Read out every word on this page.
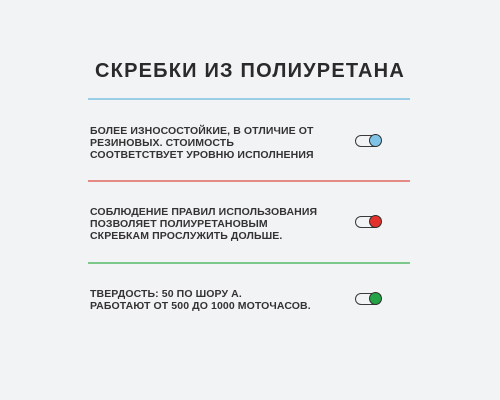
СКРЕБКИ ИЗ ПОЛИУРЕТАНА

БОЛЕЕ ИЗНОСОСТОЙКИЕ, В ОТЛИЧИЕ ОТ

РЕЗИНОВЫХ. СТОИМОСТЬ

СООТВЕТСТВУЕТ УРОВНЮ ИСПОЛНЕНИЯ

СОБЛЮДЕНИЕ ПРАВИЛ ИСПОЛЬЗОВАНИЯ

ПОЗВОЛЯЕТ ПОЛИУРЕТАНОВЫМ

СКРЕБКАМ ПРОСЛУЖИТЬ ДОЛЬШЕ.

ТВЕРДОСТЬ: 50 ПО ШОРУ А.

РАБОТАЮТ ОТ 500 ДО 1000 МОТОЧАСОВ.
